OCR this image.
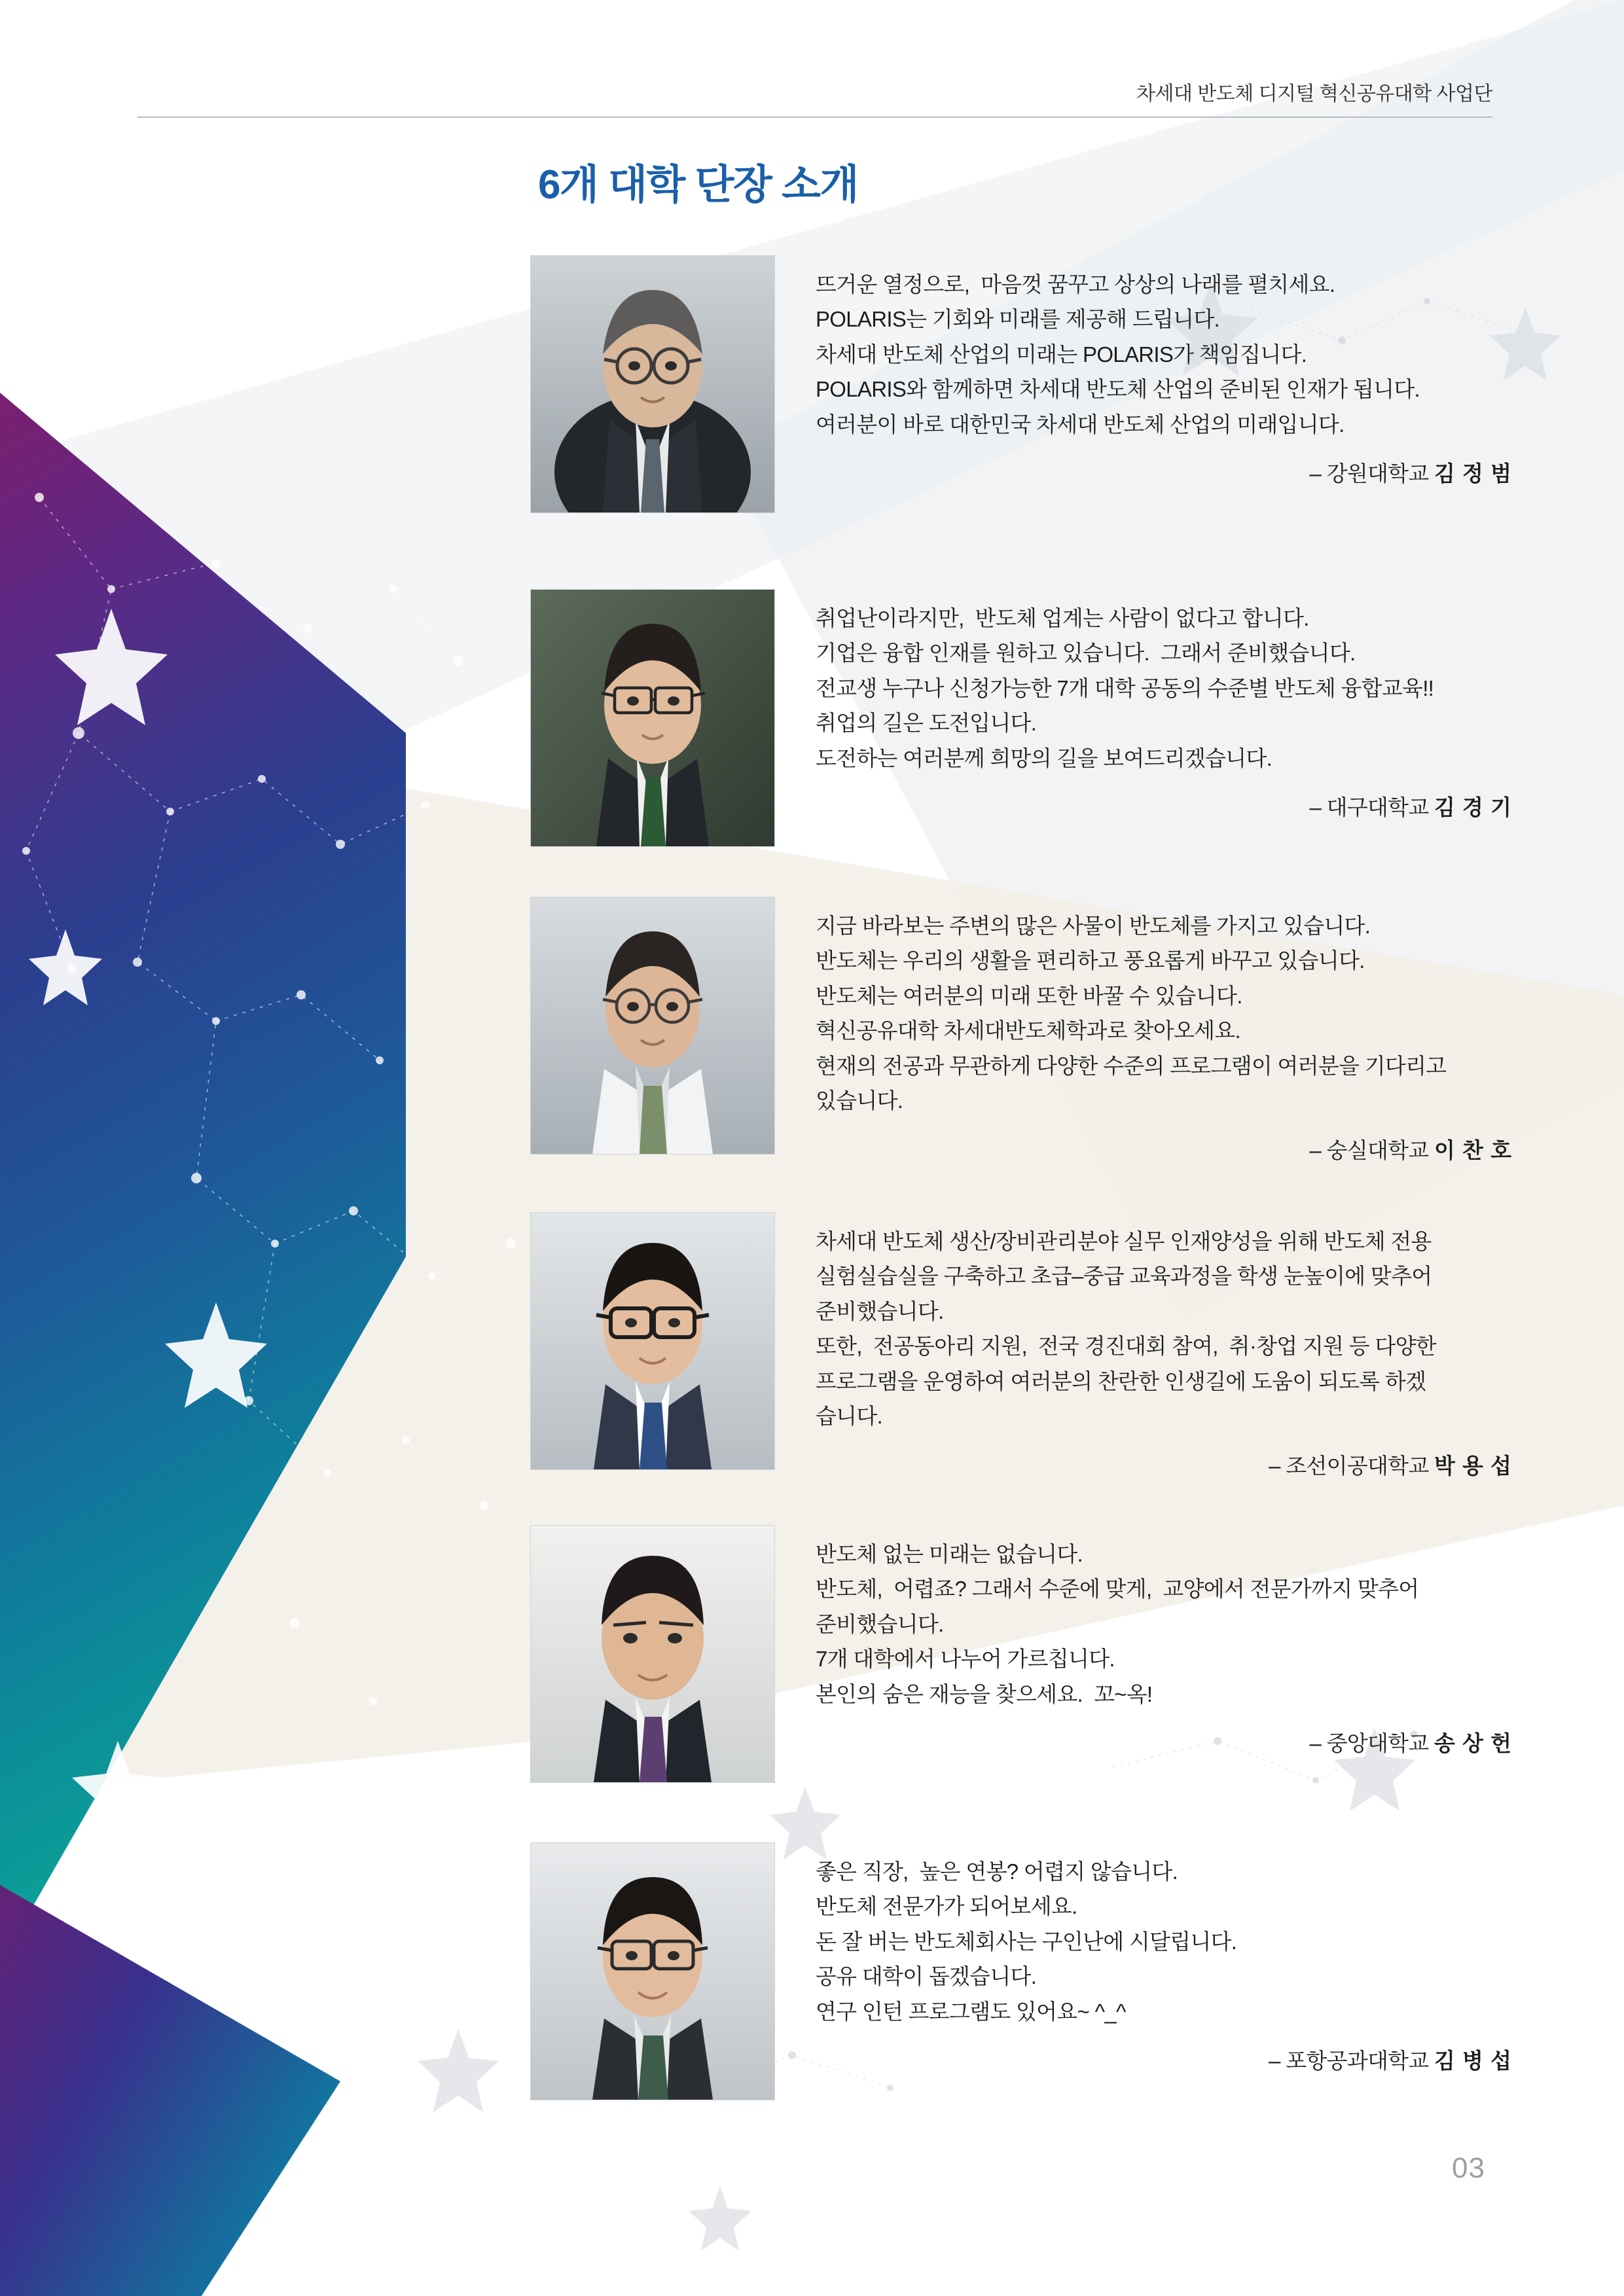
차세대 반도체 디지털 혁신공유대학 사업단
6개 대학 단장 소개
뜨거운 열정으로,  마음껏 꿈꾸고 상상의 나래를 펼치세요.
POLARIS는 기회와 미래를 제공해 드립니다.
차세대 반도체 산업의 미래는 POLARIS가 책임집니다.
POLARIS와 함께하면 차세대 반도체 산업의 준비된 인재가 됩니다.
여러분이 바로 대한민국 차세대 반도체 산업의 미래입니다.
– 강원대학교 김 정 범
취업난이라지만,  반도체 업계는 사람이 없다고 합니다.
기업은 융합 인재를 원하고 있습니다.  그래서 준비했습니다.
전교생 누구나 신청가능한 7개 대학 공동의 수준별 반도체 융합교육!!
취업의 길은 도전입니다.
도전하는 여러분께 희망의 길을 보여드리겠습니다.
– 대구대학교 김 경 기
지금 바라보는 주변의 많은 사물이 반도체를 가지고 있습니다.
반도체는 우리의 생활을 편리하고 풍요롭게 바꾸고 있습니다.
반도체는 여러분의 미래 또한 바꿀 수 있습니다.
혁신공유대학 차세대반도체학과로 찾아오세요.
현재의 전공과 무관하게 다양한 수준의 프로그램이 여러분을 기다리고
있습니다.
– 숭실대학교 이 찬 호
차세대 반도체 생산/장비관리분야 실무 인재양성을 위해 반도체 전용
실험실습실을 구축하고 초급–중급 교육과정을 학생 눈높이에 맞추어
준비했습니다.
또한,  전공동아리 지원,  전국 경진대회 참여,  취·창업 지원 등 다양한
프로그램을 운영하여 여러분의 찬란한 인생길에 도움이 되도록 하겠
습니다.
– 조선이공대학교 박 용 섭
반도체 없는 미래는 없습니다.
반도체,  어렵죠? 그래서 수준에 맞게,  교양에서 전문가까지 맞추어
준비했습니다.
7개 대학에서 나누어 가르칩니다.
본인의 숨은 재능을 찾으세요.  꼬~옥!
– 중앙대학교 송 상 헌
좋은 직장,  높은 연봉? 어렵지 않습니다.
반도체 전문가가 되어보세요.
돈 잘 버는 반도체회사는 구인난에 시달립니다.
공유 대학이 돕겠습니다.
연구 인턴 프로그램도 있어요~ ^_^
– 포항공과대학교 김 병 섭
03
